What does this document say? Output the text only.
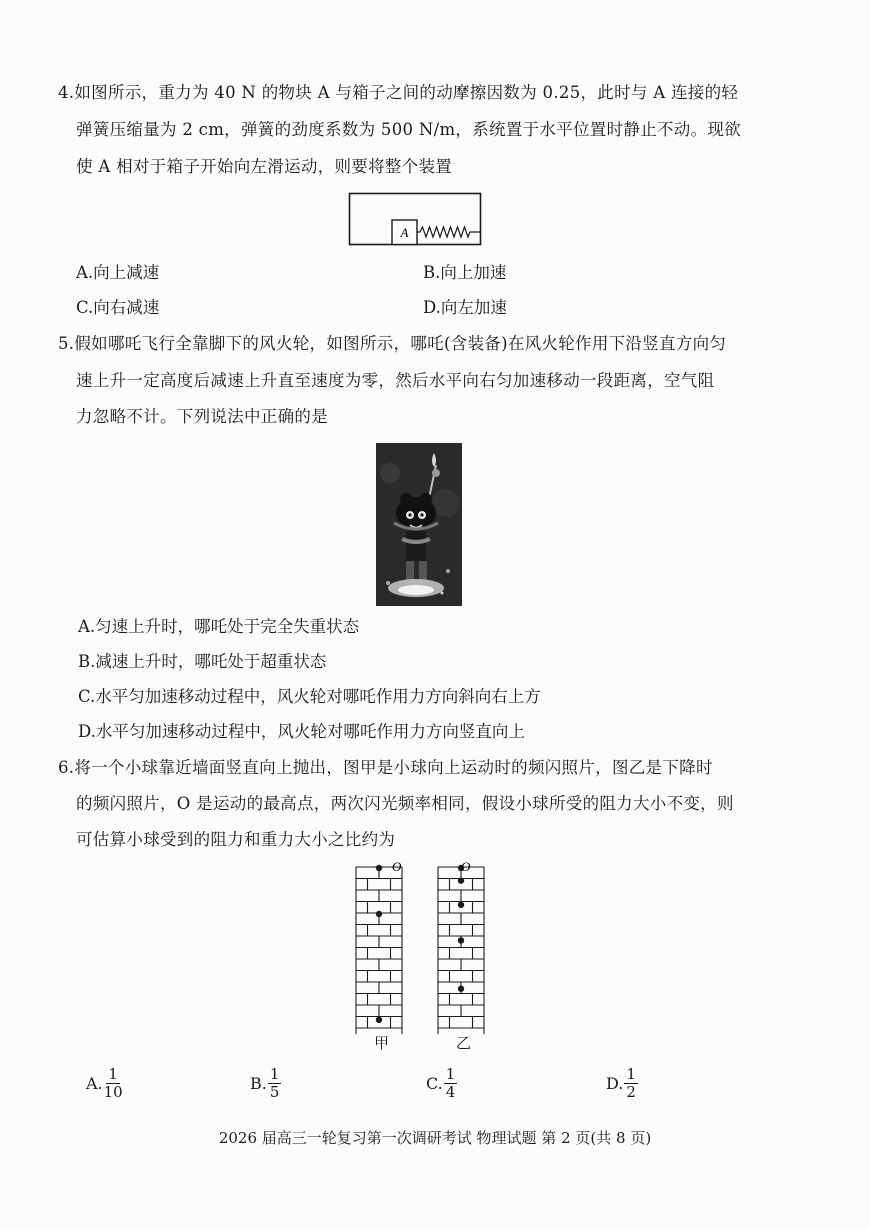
4.如图所示，重力为 40 N 的物块 A 与箱子之间的动摩擦因数为 0.25，此时与 A 连接的轻
弹簧压缩量为 2 cm，弹簧的劲度系数为 500 N/m，系统置于水平位置时静止不动。现欲
使 A 相对于箱子开始向左滑运动，则要将整个装置
A
A.向上减速	B.向上加速
C.向右减速	D.向左加速
5.假如哪吒飞行全靠脚下的风火轮，如图所示，哪吒(含装备)在风火轮作用下沿竖直方向匀
速上升一定高度后减速上升直至速度为零，然后水平向右匀加速移动一段距离，空气阻
力忽略不计。下列说法中正确的是
A.匀速上升时，哪吒处于完全失重状态
B.减速上升时，哪吒处于超重状态
C.水平匀加速移动过程中，风火轮对哪吒作用力方向斜向右上方
D.水平匀加速移动过程中，风火轮对哪吒作用力方向竖直向上
6.将一个小球靠近墙面竖直向上抛出，图甲是小球向上运动时的频闪照片，图乙是下降时
的频闪照片，O 是运动的最高点，两次闪光频率相同，假设小球所受的阻力大小不变，则
可估算小球受到的阻力和重力大小之比约为
O	O
甲	乙
A. $\frac{1}{10}$	B. $\frac{1}{5}$	C. $\frac{1}{4}$	D. $\frac{1}{2}$
2026 届高三一轮复习第一次调研考试 物理试题 第 2 页(共 8 页)
